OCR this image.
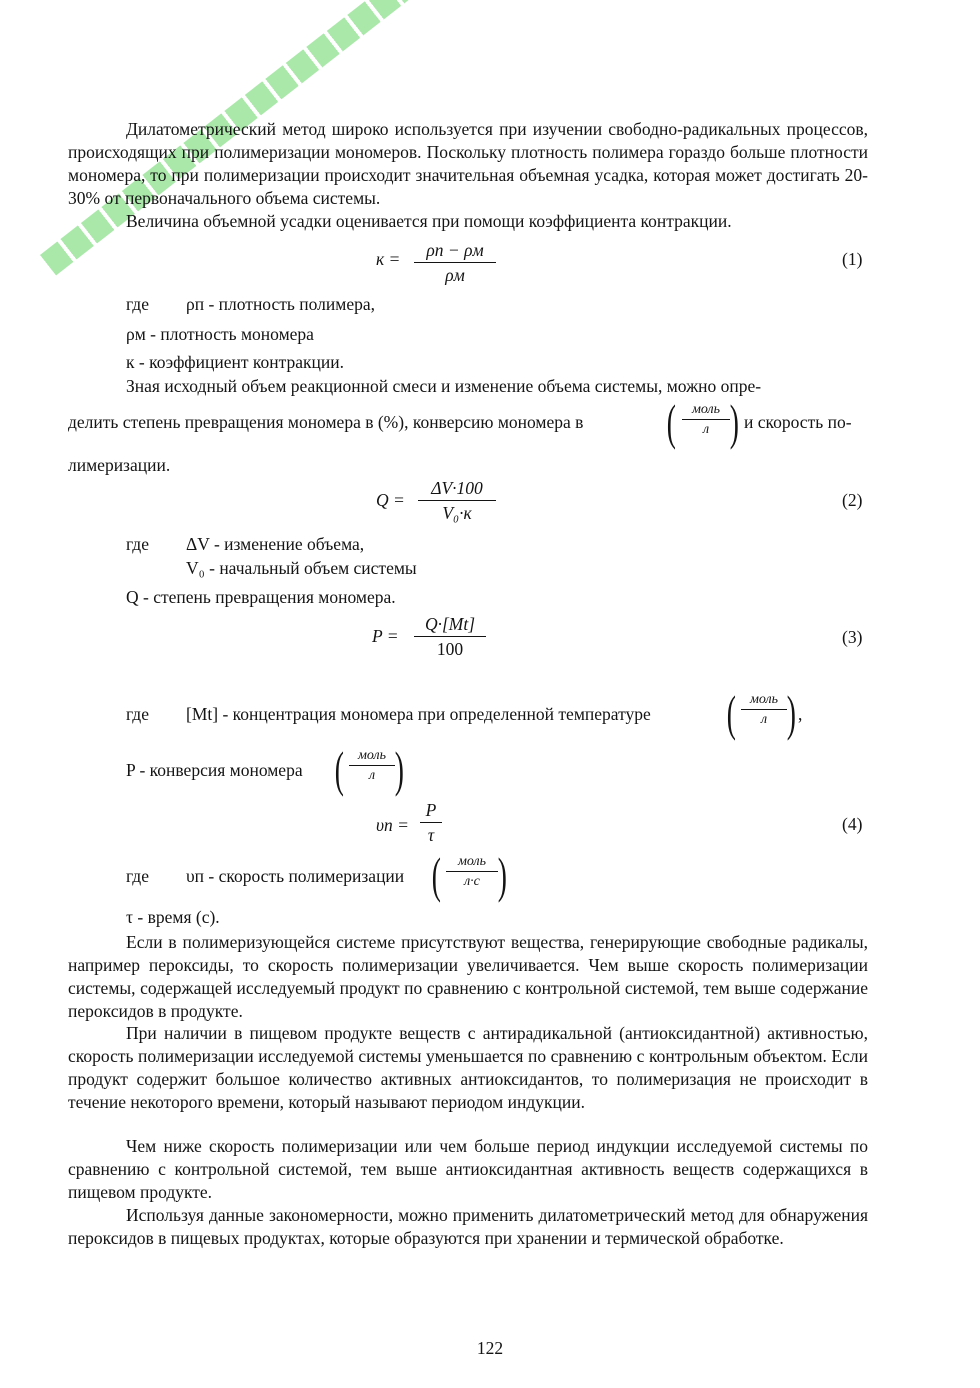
Дилатометрический метод широко используется при изучении свободно-радикальных процессов, происходящих при полимеризации мономеров. Поскольку плотность полимера гораздо больше плотности мономера, то при полимеризации происходит значительная объемная усадка, которая может достигать 20-30% от первоначального объема системы.

Величина объемной усадки оценивается при помощи коэффициента контракции.

к =	ρп − ρм
ρм
(1)
где ρп - плотность полимера,
ρм - плотность мономера
к - коэффициент контракции.
Зная исходный объем реакционной смеси и изменение объема системы, можно опре-
делить степень превращения мономера в (%), конверсию мономера в (	моль
л ) и скорость по-
лимеризации.
Q =
ΔV·100
V₀·к
(2)
где ΔV - изменение объема,
V₀ - начальный объем системы
Q - степень превращения мономера.
P =
Q·[Mt]
100
(3)
где [Mt] - концентрация мономера при определенной температуре (	моль
л ) ,
P - конверсия мономера (	моль
л )
υп =
P
τ
(4)
где υп - скорость полимеризации (	моль
л·с )
τ - время (с).

Если в полимеризующейся системе присутствуют вещества, генерирующие свободные радикалы, например пероксиды, то скорость полимеризации увеличивается. Чем выше скорость полимеризации системы, содержащей исследуемый продукт по сравнению с контрольной системой, тем выше содержание пероксидов в продукте.

При наличии в пищевом продукте веществ с антирадикальной (антиоксидантной) активностью, скорость полимеризации исследуемой системы уменьшается по сравнению с контрольным объектом. Если продукт содержит большое количество активных антиоксидантов, то полимеризация не происходит в течение некоторого времени, который называют периодом индукции.

Чем ниже скорость полимеризации или чем больше период индукции исследуемой системы по сравнению с контрольной системой, тем выше антиоксидантная активность веществ содержащихся в пищевом продукте.

Используя данные закономерности, можно применить дилатометрический метод для обнаружения пероксидов в пищевых продуктах, которые образуются при хранении и термической обработке.

122
